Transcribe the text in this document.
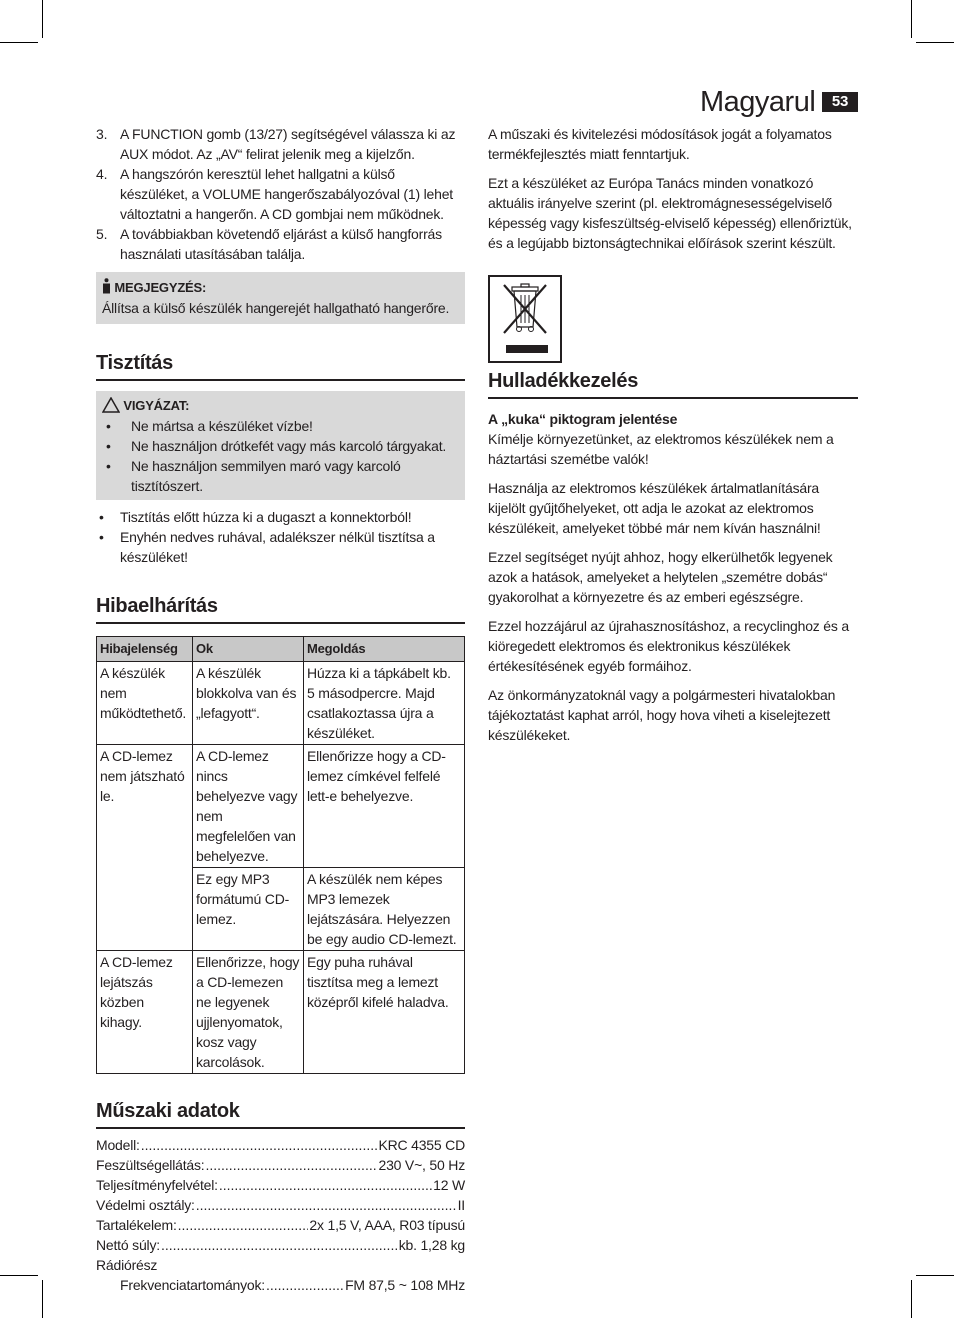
Magyarul	53
3. A FUNCTION gomb (13/27) segítségével válassza ki az AUX módot. Az „AV“ felirat jelenik meg a kijelzőn.
4. A hangszórón keresztül lehet hallgatni a külső készüléket, a VOLUME hangerőszabályozóval (1) lehet változtatni a hangerőn. A CD gombjai nem működnek.
5. A továbbiakban követendő eljárást a külső hangforrás használati utasításában találja.
MEGJEGYZÉS:
Állítsa a külső készülék hangerejét hallgatható hangerőre.
Tisztítás
VIGYÁZAT:
• Ne mártsa a készüléket vízbe!
• Ne használjon drótkefét vagy más karcoló tárgyakat.
• Ne használjon semmilyen maró vagy karcoló tisztítószert.
• Tisztítás előtt húzza ki a dugaszt a konnektorból!
• Enyhén nedves ruhával, adalékszer nélkül tisztítsa a készüléket!
Hibaelhárítás
Hibajelenség	Ok	Megoldás
A készülék nem működtethető.	A készülék blokkolva van és „lefagyott“.	Húzza ki a tápkábelt kb. 5 másodpercre. Majd csatlakoztassa újra a készüléket.
A CD-lemez nem játszható le.	A CD-lemez nincs behelyezve vagy nem megfelelően van behelyezve.	Ellenőrizze hogy a CD-lemez címkével felfelé lett-e behelyezve.
	Ez egy MP3 formátumú CD-lemez.	A készülék nem képes MP3 lemezek lejátszására. Helyezzen be egy audio CD-lemezt.
A CD-lemez lejátszás közben kihagy.	Ellenőrizze, hogy a CD-lemezen ne legyenek ujjlenyomatok, kosz vagy karcolások.	Egy puha ruhával tisztítsa meg a lemezt középről kifelé haladva.
Műszaki adatok
Modell: .....	KRC 4355 CD
Feszültségellátás: .....	230 V~, 50 Hz
Teljesítményfelvétel: .....	12 W
Védelmi osztály: .....	II
Tartalékelem: .....	2x 1,5 V, AAA, R03 típusú
Nettó súly: .....	kb. 1,28 kg
Rádiórész
Frekvenciatartományok: .....	FM 87,5 ~ 108 MHz

A műszaki és kivitelezési módosítások jogát a folyamatos termékfejlesztés miatt fenntartjuk.

Ezt a készüléket az Európa Tanács minden vonatkozó aktuális irányelve szerint (pl. elektromágnesességelviselő képesség vagy kisfeszültség-elviselő képesség) ellenőriztük, és a legújabb biztonságtechnikai előírások szerint készült.

Hulladékkezelés
A „kuka“ piktogram jelentése

Kímélje környezetünket, az elektromos készülékek nem a háztartási szemétbe valók!

Használja az elektromos készülékek ártalmatlanítására kijelölt gyűjtőhelyeket, ott adja le azokat az elektromos készülékeit, amelyeket többé már nem kíván használni!

Ezzel segítséget nyújt ahhoz, hogy elkerülhetők legyenek azok a hatások, amelyeket a helytelen „szemétre dobás“ gyakorolhat a környezetre és az emberi egészségre.

Ezzel hozzájárul az újrahasznosításhoz, a recyclinghoz és a kiöregedett elektromos és elektronikus készülékek értékesítésének egyéb formáihoz.

Az önkormányzatoknál vagy a polgármesteri hivatalokban tájékoztatást kaphat arról, hogy hova viheti a kiselejtezett készülékeket.
